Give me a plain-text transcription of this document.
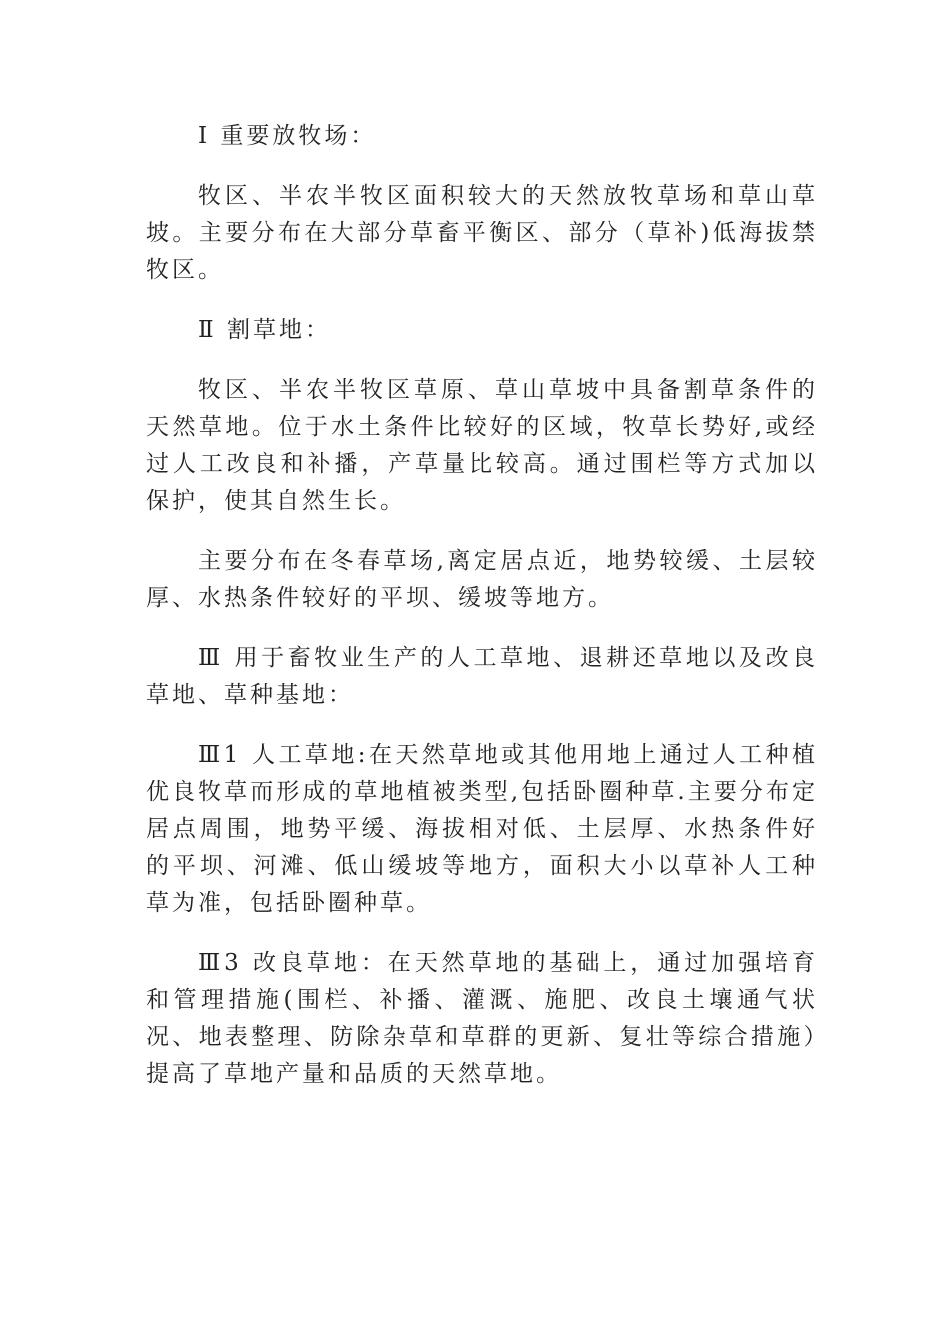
Ⅰ 重要放牧场：

牧区、半农半牧区面积较大的天然放牧草场和草山草坡。主要分布在大部分草畜平衡区、部分（草补)低海拔禁牧区。

Ⅱ 割草地：

牧区、半农半牧区草原、草山草坡中具备割草条件的天然草地。位于水土条件比较好的区域，牧草长势好,或经过人工改良和补播，产草量比较高。通过围栏等方式加以保护，使其自然生长。

主要分布在冬春草场,离定居点近，地势较缓、土层较厚、水热条件较好的平坝、缓坡等地方。

Ⅲ 用于畜牧业生产的人工草地、退耕还草地以及改良草地、草种基地：

Ⅲ1 人工草地:在天然草地或其他用地上通过人工种植优良牧草而形成的草地植被类型,包括卧圈种草.主要分布定居点周围，地势平缓、海拔相对低、土层厚、水热条件好的平坝、河滩、低山缓坡等地方，面积大小以草补人工种草为准，包括卧圈种草。

Ⅲ3 改良草地：在天然草地的基础上，通过加强培育和管理措施(围栏、补播、灌溉、施肥、改良土壤通气状况、地表整理、防除杂草和草群的更新、复壮等综合措施）提高了草地产量和品质的天然草地。
